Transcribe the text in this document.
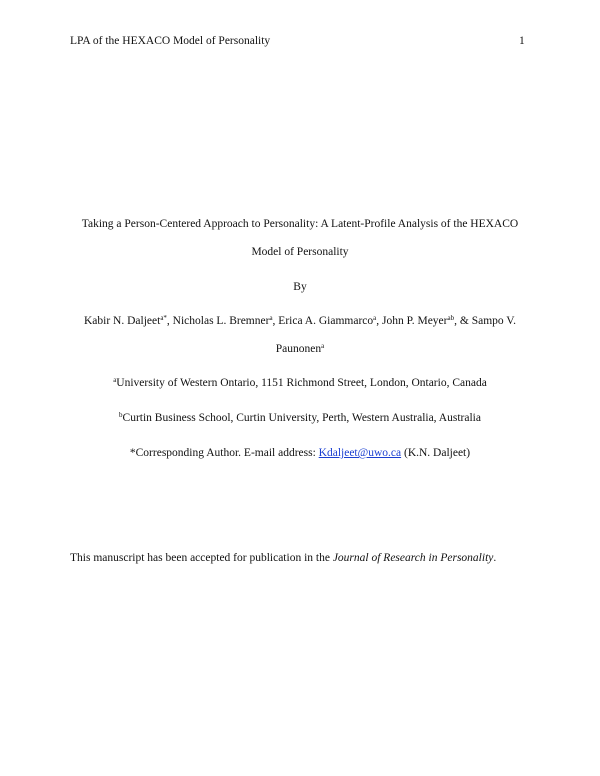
LPA of the HEXACO Model of Personality	1
Taking a Person-Centered Approach to Personality: A Latent-Profile Analysis of the HEXACO
Model of Personality
By
Kabir N. Daljeet$^{a*}$, Nicholas L. Bremner$^a$, Erica A. Giammarco$^a$, John P. Meyer$^{ab}$, & Sampo V.
Paunonen$^a$
$^a$University of Western Ontario, 1151 Richmond Street, London, Ontario, Canada
$^b$Curtin Business School, Curtin University, Perth, Western Australia, Australia
*Corresponding Author. E-mail address: Kdaljeet@uwo.ca (K.N. Daljeet)
This manuscript has been accepted for publication in the Journal of Research in Personality.
